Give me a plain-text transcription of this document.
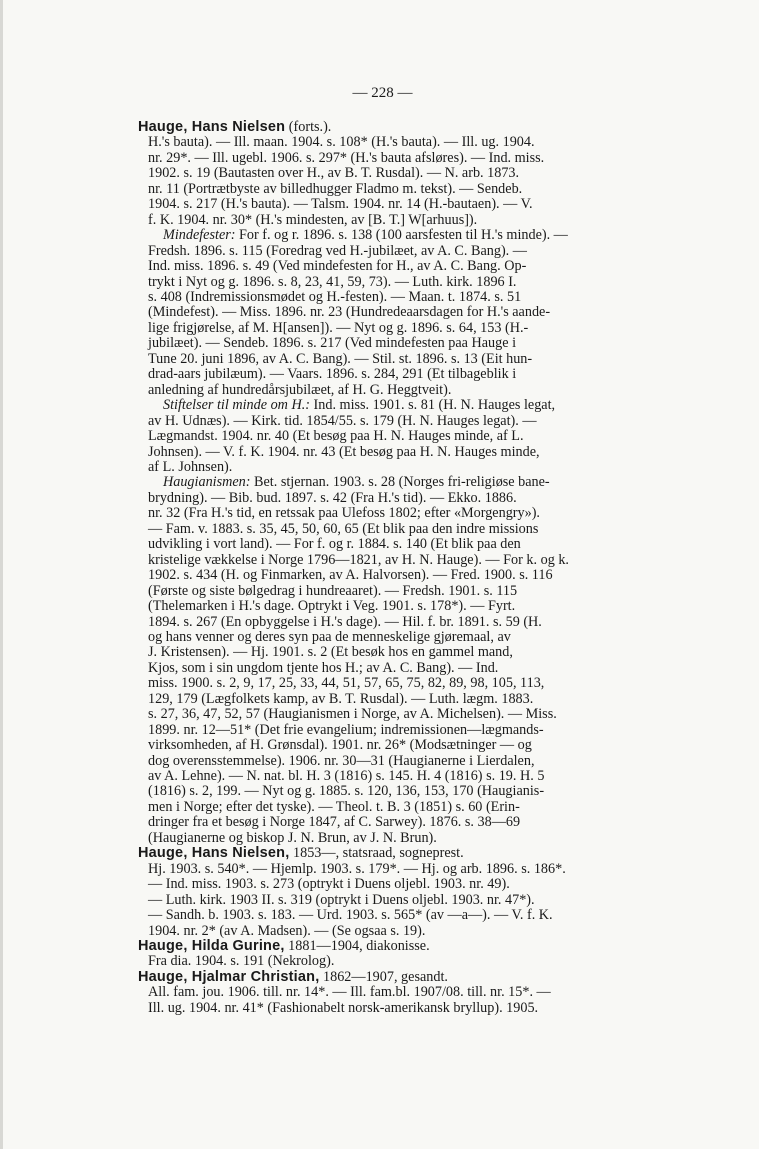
— 228 —
Hauge, Hans Nielsen (forts.).
H.'s bauta). — Ill. maan. 1904. s. 108* (H.'s bauta). — Ill. ug. 1904.
nr. 29*. — Ill. ugebl. 1906. s. 297* (H.'s bauta afsløres). — Ind. miss.
1902. s. 19 (Bautasten over H., av B. T. Rusdal). — N. arb. 1873.
nr. 11 (Portrætbyste av billedhugger Fladmo m. tekst). — Sendeb.
1904. s. 217 (H.'s bauta). — Talsm. 1904. nr. 14 (H.-bautaen). — V.
f. K. 1904. nr. 30* (H.'s mindesten, av [B. T.] W[arhuus]).
Mindefester: For f. og r. 1896. s. 138 (100 aarsfesten til H.'s minde). —
Fredsh. 1896. s. 115 (Foredrag ved H.-jubilæet, av A. C. Bang). —
Ind. miss. 1896. s. 49 (Ved mindefesten for H., av A. C. Bang. Op-
trykt i Nyt og g. 1896. s. 8, 23, 41, 59, 73). — Luth. kirk. 1896 I.
s. 408 (Indremissionsmødet og H.-festen). — Maan. t. 1874. s. 51
(Mindefest). — Miss. 1896. nr. 23 (Hundredeaarsdagen for H.'s aande-
lige frigjørelse, af M. H[ansen]). — Nyt og g. 1896. s. 64, 153 (H.-
jubilæet). — Sendeb. 1896. s. 217 (Ved mindefesten paa Hauge i
Tune 20. juni 1896, av A. C. Bang). — Stil. st. 1896. s. 13 (Eit hun-
drad-aars jubilæum). — Vaars. 1896. s. 284, 291 (Et tilbageblik i
anledning af hundredårsjubilæet, af H. G. Heggtveit).
Stiftelser til minde om H.: Ind. miss. 1901. s. 81 (H. N. Hauges legat,
av H. Udnæs). — Kirk. tid. 1854/55. s. 179 (H. N. Hauges legat). —
Lægmandst. 1904. nr. 40 (Et besøg paa H. N. Hauges minde, af L.
Johnsen). — V. f. K. 1904. nr. 43 (Et besøg paa H. N. Hauges minde,
af L. Johnsen).
Haugianismen: Bet. stjernan. 1903. s. 28 (Norges fri-religiøse bane-
brydning). — Bib. bud. 1897. s. 42 (Fra H.'s tid). — Ekko. 1886.
nr. 32 (Fra H.'s tid, en retssak paa Ulefoss 1802; efter «Morgengry»).
— Fam. v. 1883. s. 35, 45, 50, 60, 65 (Et blik paa den indre missions
udvikling i vort land). — For f. og r. 1884. s. 140 (Et blik paa den
kristelige vækkelse i Norge 1796—1821, av H. N. Hauge). — For k. og k.
1902. s. 434 (H. og Finmarken, av A. Halvorsen). — Fred. 1900. s. 116
(Første og siste bølgedrag i hundreaaret). — Fredsh. 1901. s. 115
(Thelemarken i H.'s dage. Optrykt i Veg. 1901. s. 178*). — Fyrt.
1894. s. 267 (En opbyggelse i H.'s dage). — Hil. f. br. 1891. s. 59 (H.
og hans venner og deres syn paa de menneskelige gjøremaal, av
J. Kristensen). — Hj. 1901. s. 2 (Et besøk hos en gammel mand,
Kjos, som i sin ungdom tjente hos H.; av A. C. Bang). — Ind.
miss. 1900. s. 2, 9, 17, 25, 33, 44, 51, 57, 65, 75, 82, 89, 98, 105, 113,
129, 179 (Lægfolkets kamp, av B. T. Rusdal). — Luth. lægm. 1883.
s. 27, 36, 47, 52, 57 (Haugianismen i Norge, av A. Michelsen). — Miss.
1899. nr. 12—51* (Det frie evangelium; indremissionen—lægmands-
virksomheden, af H. Grønsdal). 1901. nr. 26* (Modsætninger — og
dog overensstemmelse). 1906. nr. 30—31 (Haugianerne i Lierdalen,
av A. Lehne). — N. nat. bl. H. 3 (1816) s. 145. H. 4 (1816) s. 19. H. 5
(1816) s. 2, 199. — Nyt og g. 1885. s. 120, 136, 153, 170 (Haugianis-
men i Norge; efter det tyske). — Theol. t. B. 3 (1851) s. 60 (Erin-
dringer fra et besøg i Norge 1847, af C. Sarwey). 1876. s. 38—69
(Haugianerne og biskop J. N. Brun, av J. N. Brun).
Hauge, Hans Nielsen, 1853—, statsraad, sogneprest.
Hj. 1903. s. 540*. — Hjemlp. 1903. s. 179*. — Hj. og arb. 1896. s. 186*.
— Ind. miss. 1903. s. 273 (optrykt i Duens oljebl. 1903. nr. 49).
— Luth. kirk. 1903 II. s. 319 (optrykt i Duens oljebl. 1903. nr. 47*).
— Sandh. b. 1903. s. 183. — Urd. 1903. s. 565* (av —a—). — V. f. K.
1904. nr. 2* (av A. Madsen). — (Se ogsaa s. 19).
Hauge, Hilda Gurine, 1881—1904, diakonisse.
Fra dia. 1904. s. 191 (Nekrolog).
Hauge, Hjalmar Christian, 1862—1907, gesandt.
All. fam. jou. 1906. till. nr. 14*. — Ill. fam.bl. 1907/08. till. nr. 15*. —
Ill. ug. 1904. nr. 41* (Fashionabelt norsk-amerikansk bryllup). 1905.
